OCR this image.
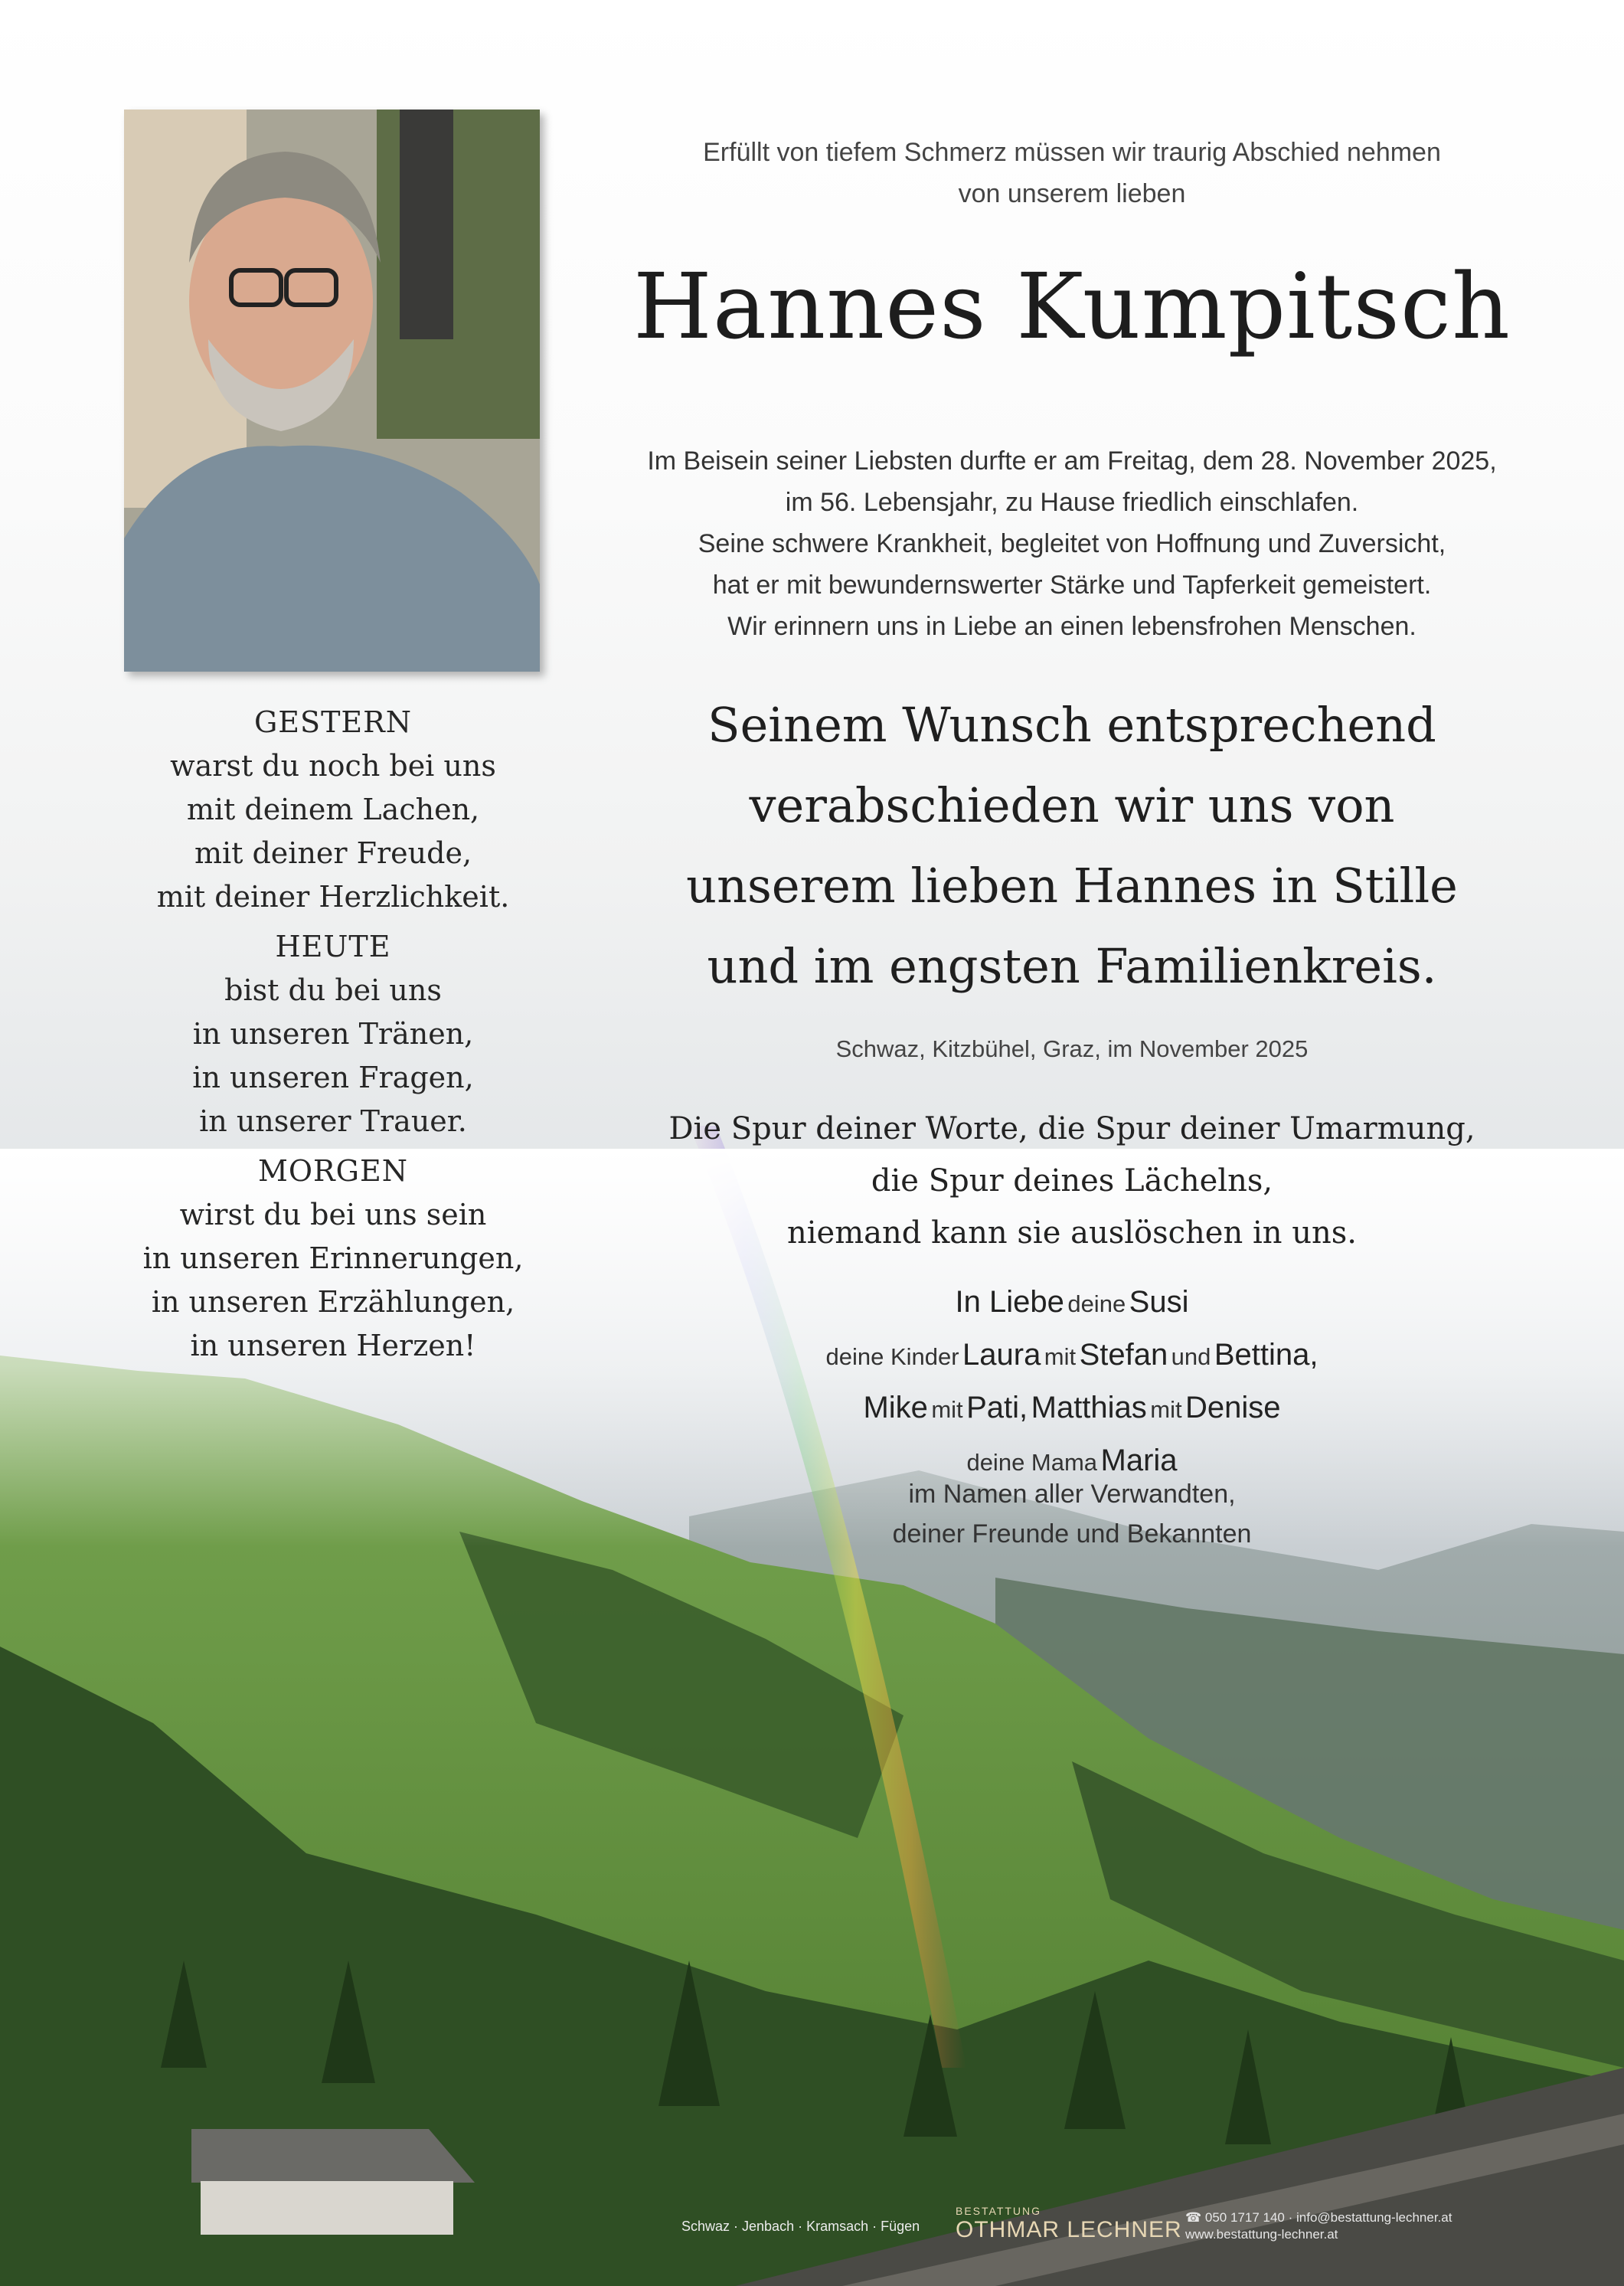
Erfüllt von tiefem Schmerz müssen wir traurig Abschied nehmen
von unserem lieben
Hannes Kumpitsch
Im Beisein seiner Liebsten durfte er am Freitag, dem 28. November 2025,
im 56. Lebensjahr, zu Hause friedlich einschlafen.
Seine schwere Krankheit, begleitet von Hoffnung und Zuversicht,
hat er mit bewundernswerter Stärke und Tapferkeit gemeistert.
Wir erinnern uns in Liebe an einen lebensfrohen Menschen.
Seinem Wunsch entsprechend
verabschieden wir uns von
unserem lieben Hannes in Stille
und im engsten Familienkreis.
Schwaz, Kitzbühel, Graz, im November 2025
Die Spur deiner Worte, die Spur deiner Umarmung,
die Spur deines Lächelns,
niemand kann sie auslöschen in uns.
In Liebe deine Susi
deine Kinder Laura mit Stefan und Bettina,
Mike mit Pati, Matthias mit Denise
deine Mama Maria
im Namen aller Verwandten,
deiner Freunde und Bekannten
GESTERN
warst du noch bei uns
mit deinem Lachen,
mit deiner Freude,
mit deiner Herzlichkeit.
HEUTE
bist du bei uns
in unseren Tränen,
in unseren Fragen,
in unserer Trauer.
MORGEN
wirst du bei uns sein
in unseren Erinnerungen,
in unseren Erzählungen,
in unseren Herzen!
Schwaz · Jenbach · Kramsach · Fügen
BESTATTUNG
OTHMAR LECHNER ☎ 050 1717 140 · info@bestattung-lechner.at
www.bestattung-lechner.at
